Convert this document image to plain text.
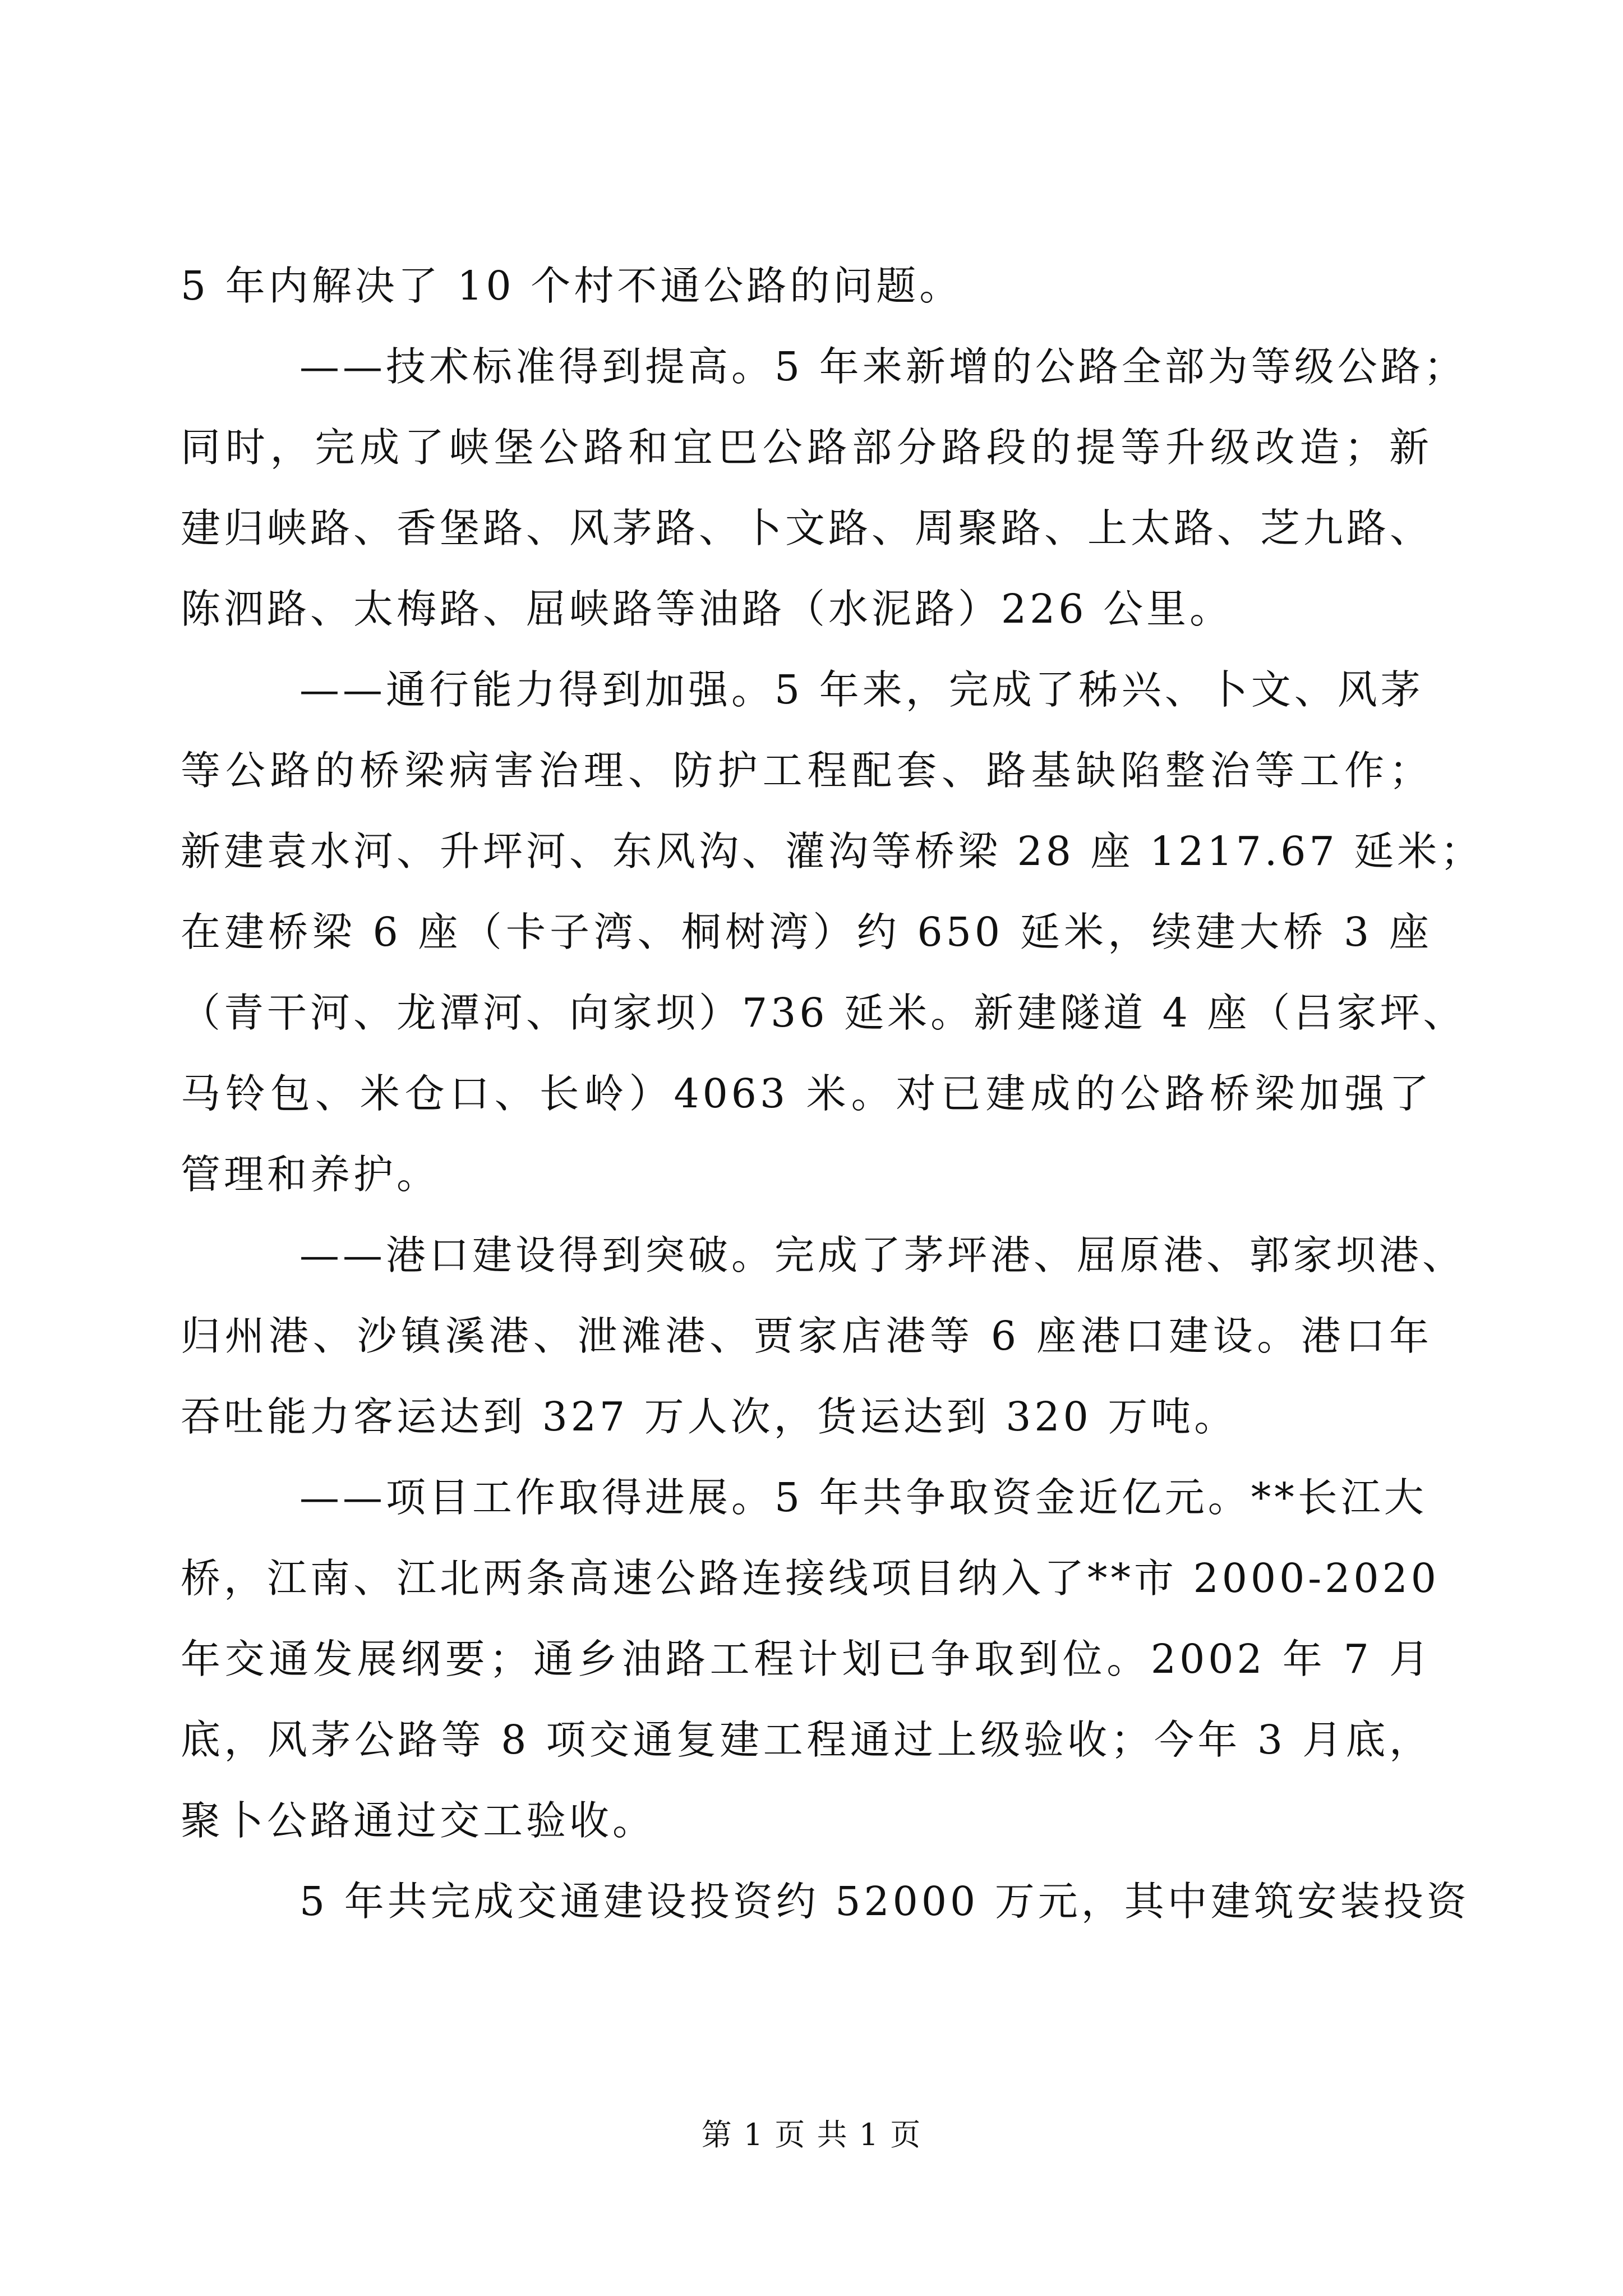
5 年内解决了 10 个村不通公路的问题。
——技术标准得到提高。5 年来新增的公路全部为等级公路；
同时，完成了峡堡公路和宜巴公路部分路段的提等升级改造；新
建归峡路、香堡路、风茅路、卜文路、周聚路、上太路、芝九路、
陈泗路、太梅路、屈峡路等油路（水泥路）226 公里。
——通行能力得到加强。5 年来，完成了秭兴、卜文、风茅
等公路的桥梁病害治理、防护工程配套、路基缺陷整治等工作；
新建袁水河、升坪河、东风沟、灌沟等桥梁 28 座 1217.67 延米；
在建桥梁 6 座（卡子湾、桐树湾）约 650 延米，续建大桥 3 座
（青干河、龙潭河、向家坝）736 延米。新建隧道 4 座（吕家坪、
马铃包、米仓口、长岭）4063 米。对已建成的公路桥梁加强了
管理和养护。
——港口建设得到突破。完成了茅坪港、屈原港、郭家坝港、
归州港、沙镇溪港、泄滩港、贾家店港等 6 座港口建设。港口年
吞吐能力客运达到 327 万人次，货运达到 320 万吨。
——项目工作取得进展。5 年共争取资金近亿元。**长江大
桥，江南、江北两条高速公路连接线项目纳入了**市 2000-2020
年交通发展纲要；通乡油路工程计划已争取到位。2002 年 7 月
底，风茅公路等 8 项交通复建工程通过上级验收；今年 3 月底，
聚卜公路通过交工验收。
5 年共完成交通建设投资约 52000 万元，其中建筑安装投资
第 1 页 共 1 页
